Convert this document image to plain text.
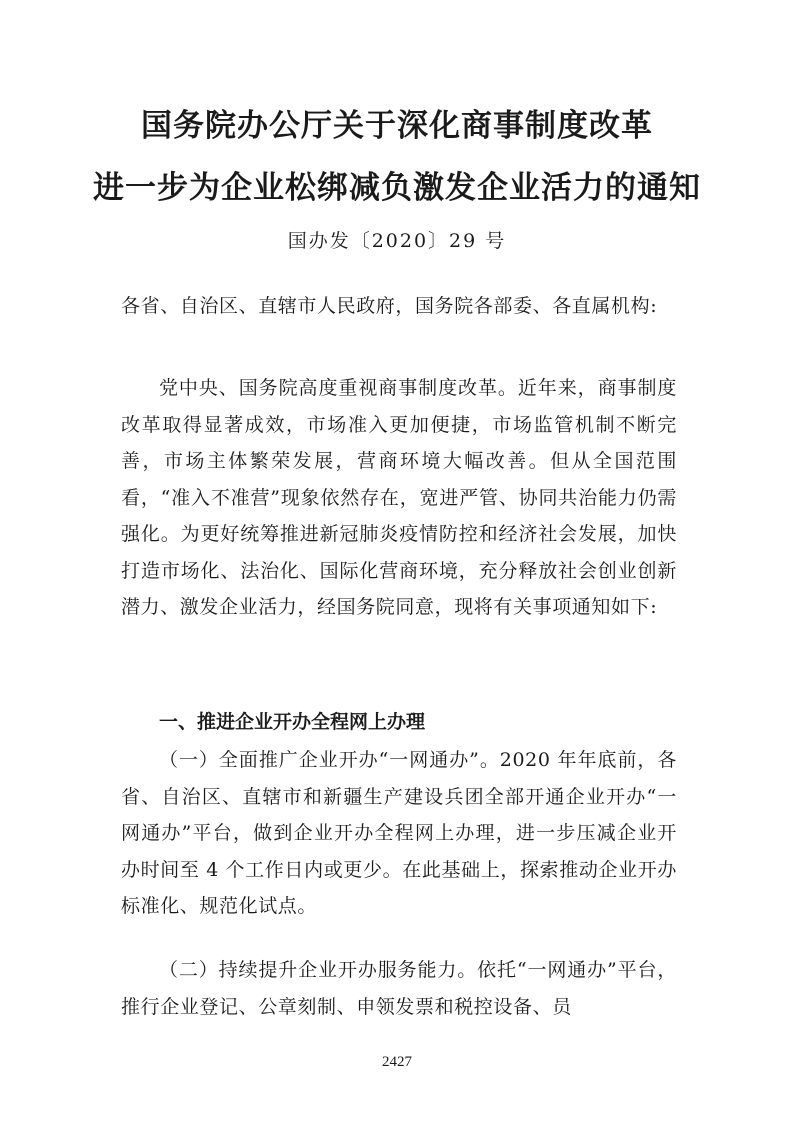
国务院办公厅关于深化商事制度改革
进一步为企业松绑减负激发企业活力的通知
国办发〔2020〕29 号

各省、自治区、直辖市人民政府，国务院各部委、各直属机构:

党中央、国务院高度重视商事制度改革。近年来，商事制度改革取得显著成效，市场准入更加便捷，市场监管机制不断完善，市场主体繁荣发展，营商环境大幅改善。但从全国范围看，“准入不准营”现象依然存在，宽进严管、协同共治能力仍需强化。为更好统筹推进新冠肺炎疫情防控和经济社会发展，加快打造市场化、法治化、国际化营商环境，充分释放社会创业创新潜力、激发企业活力，经国务院同意，现将有关事项通知如下:

一、推进企业开办全程网上办理

（一）全面推广企业开办“一网通办”。2020 年年底前，各省、自治区、直辖市和新疆生产建设兵团全部开通企业开办“一网通办”平台，做到企业开办全程网上办理，进一步压减企业开办时间至 4 个工作日内或更少。在此基础上，探索推动企业开办标准化、规范化试点。

（二）持续提升企业开办服务能力。依托“一网通办”平台，推行企业登记、公章刻制、申领发票和税控设备、员

2427
